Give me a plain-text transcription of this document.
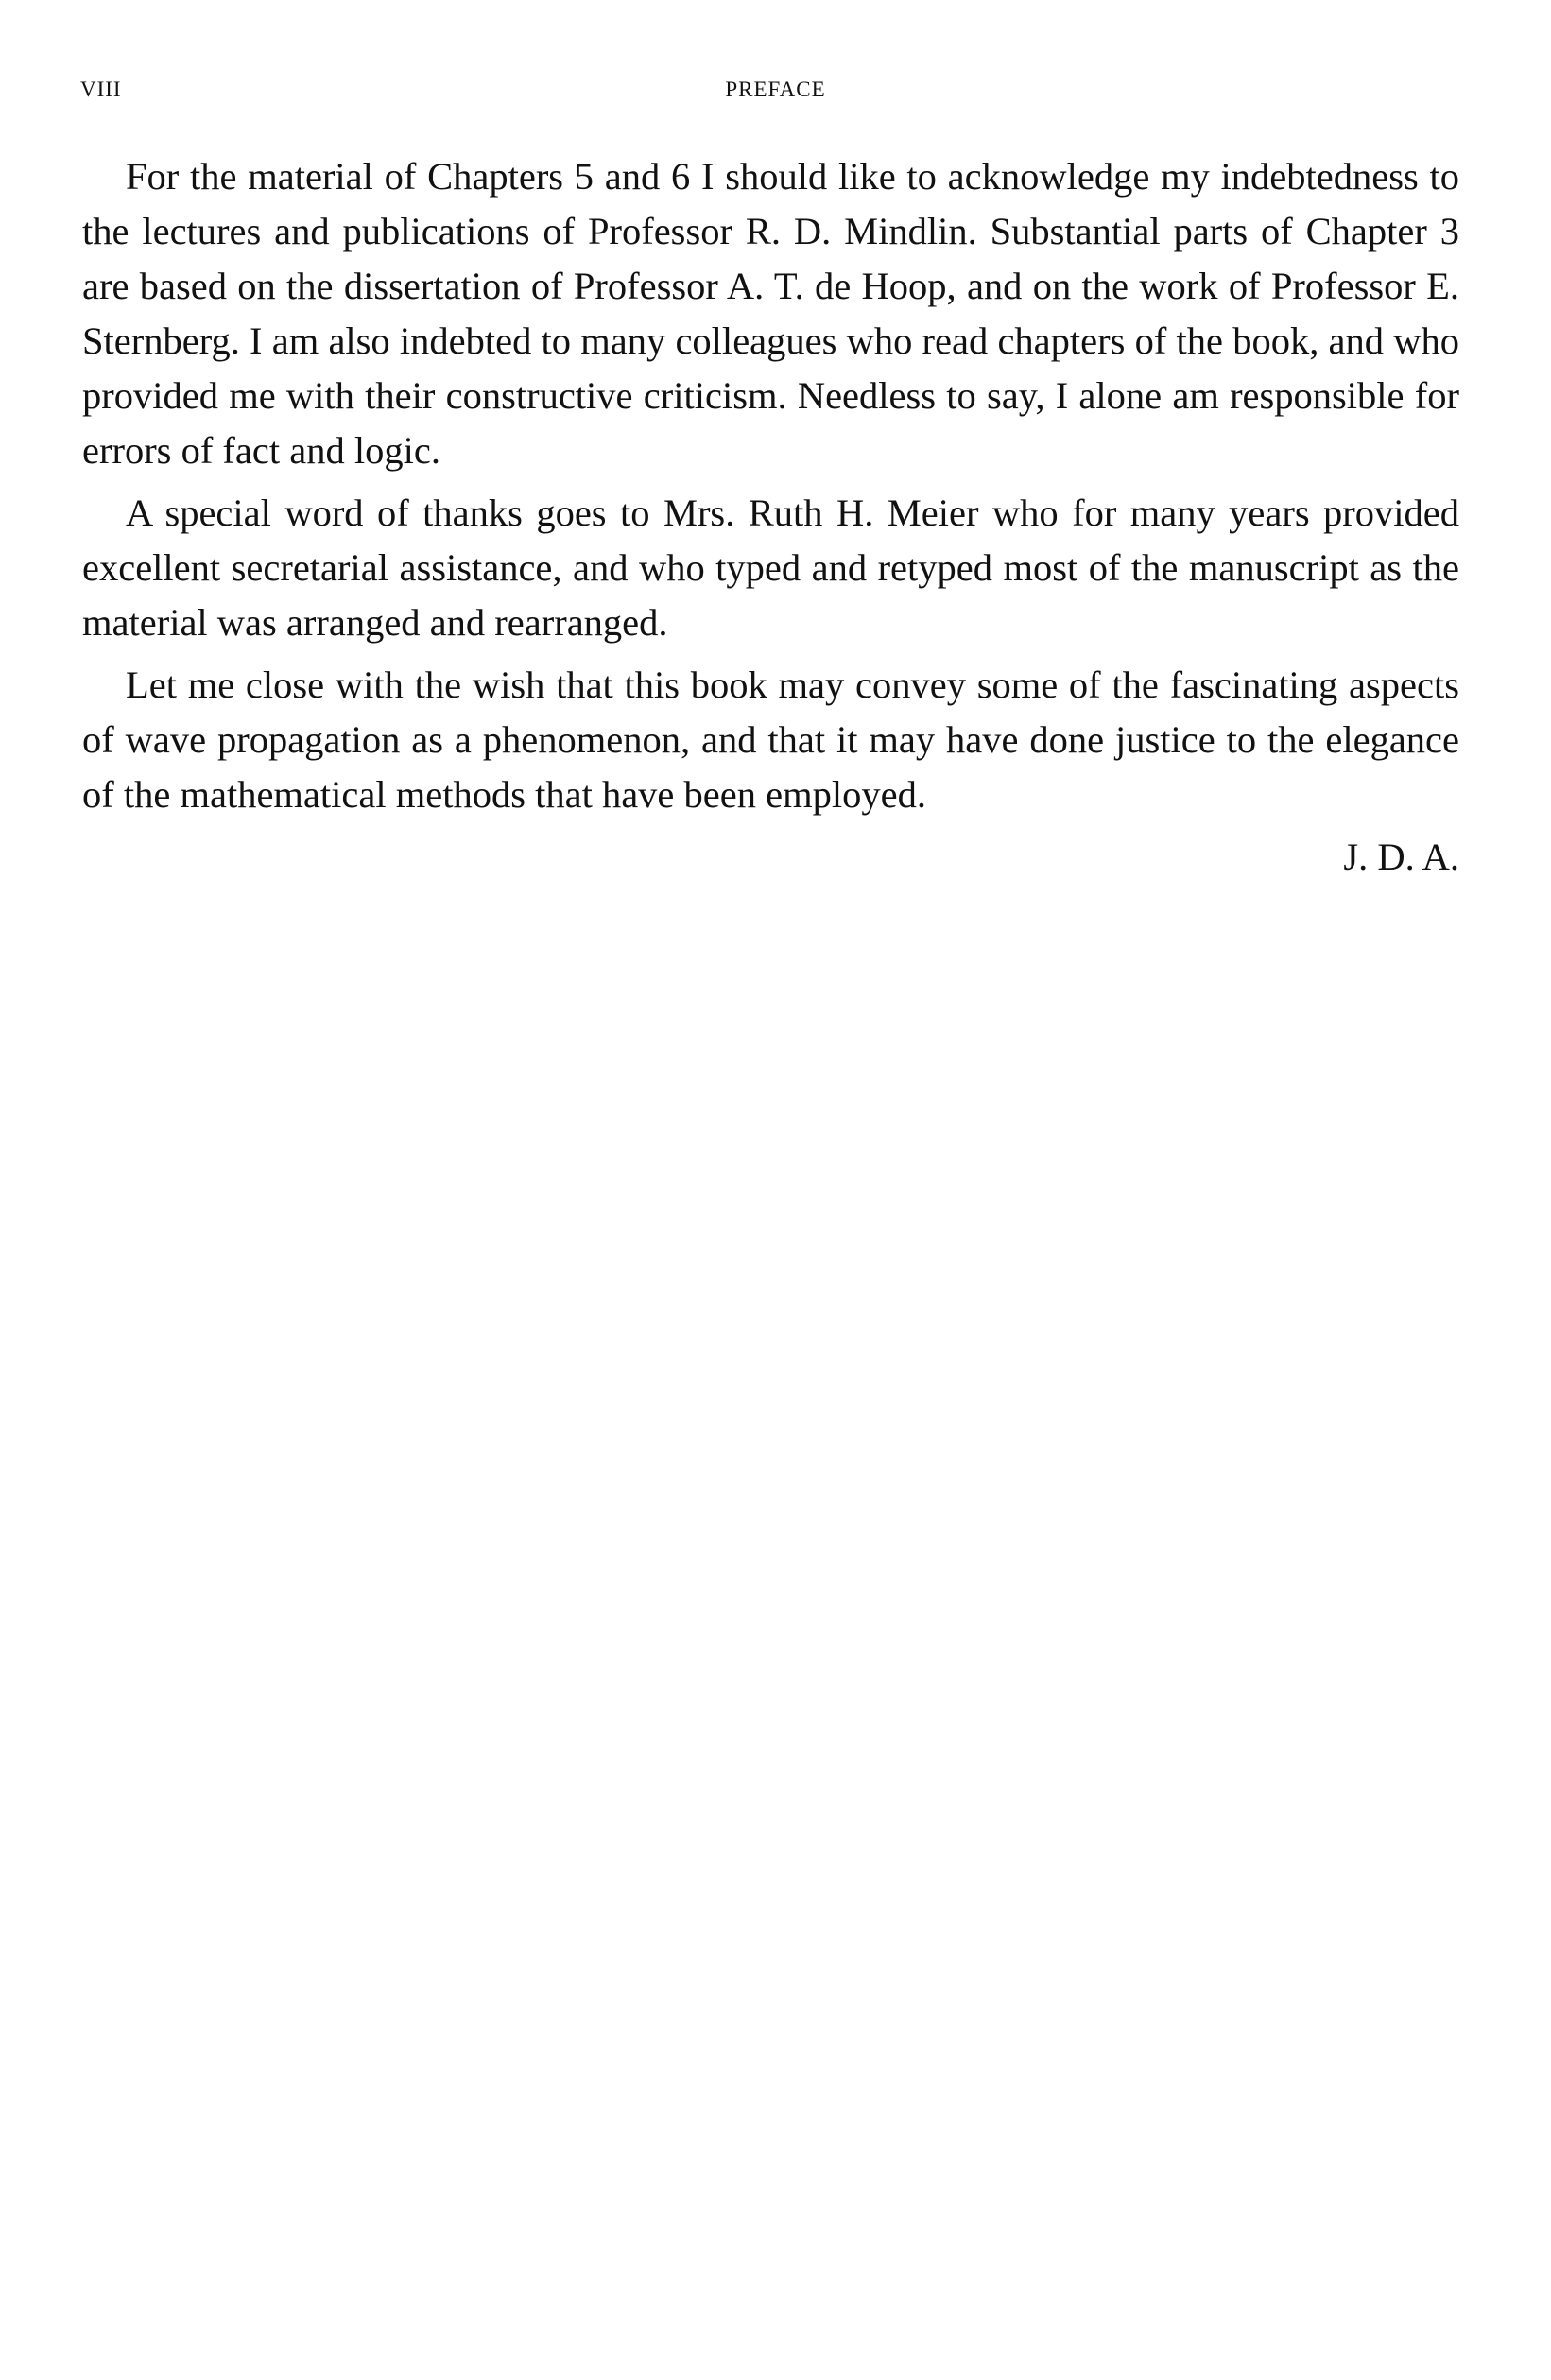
VIII	PREFACE

For the material of Chapters 5 and 6 I should like to acknowledge my indebtedness to the lectures and publications of Professor R. D. Mindlin. Substantial parts of Chapter 3 are based on the dissertation of Professor A. T. de Hoop, and on the work of Professor E. Sternberg. I am also indebted to many colleagues who read chapters of the book, and who provided me with their constructive criticism. Needless to say, I alone am responsible for errors of fact and logic.

A special word of thanks goes to Mrs. Ruth H. Meier who for many years provided excellent secretarial assistance, and who typed and retyped most of the manuscript as the material was arranged and rearranged.

Let me close with the wish that this book may convey some of the fascinating aspects of wave propagation as a phenomenon, and that it may have done justice to the elegance of the mathematical methods that have been employed.

J. D. A.
